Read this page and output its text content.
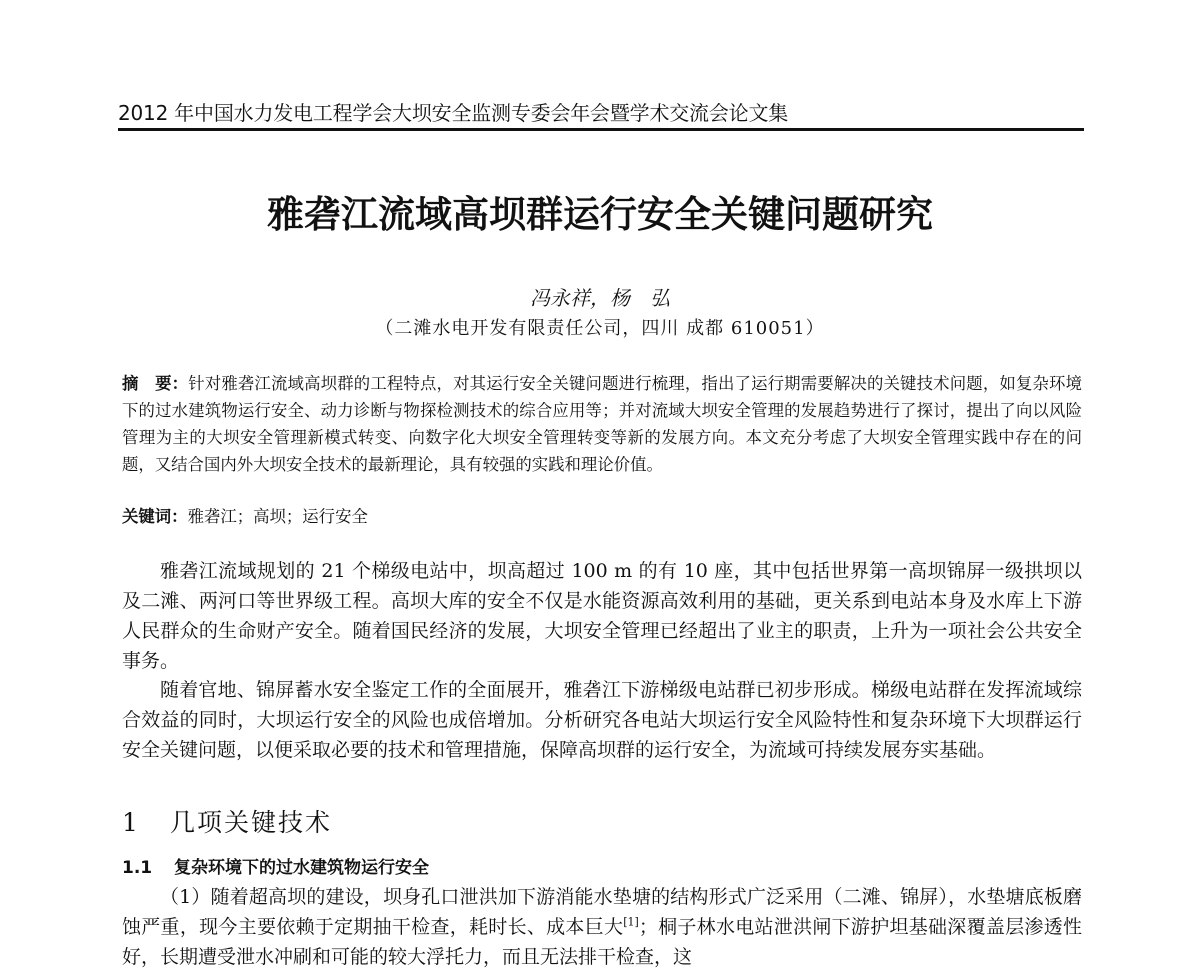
2012 年中国水力发电工程学会大坝安全监测专委会年会暨学术交流会论文集
雅砻江流域高坝群运行安全关键问题研究
冯永祥，杨　弘
（二滩水电开发有限责任公司，四川 成都 610051）
摘　要：针对雅砻江流域高坝群的工程特点，对其运行安全关键问题进行梳理，指出了运行期需要解决的关键技术问题，如复杂环境下的过水建筑物运行安全、动力诊断与物探检测技术的综合应用等；并对流域大坝安全管理的发展趋势进行了探讨，提出了向以风险管理为主的大坝安全管理新模式转变、向数字化大坝安全管理转变等新的发展方向。本文充分考虑了大坝安全管理实践中存在的问题，又结合国内外大坝安全技术的最新理论，具有较强的实践和理论价值。
关键词：雅砻江；高坝；运行安全
雅砻江流域规划的 21 个梯级电站中，坝高超过 100 m 的有 10 座，其中包括世界第一高坝锦屏一级拱坝以及二滩、两河口等世界级工程。高坝大库的安全不仅是水能资源高效利用的基础，更关系到电站本身及水库上下游人民群众的生命财产安全。随着国民经济的发展，大坝安全管理已经超出了业主的职责，上升为一项社会公共安全事务。
随着官地、锦屏蓄水安全鉴定工作的全面展开，雅砻江下游梯级电站群已初步形成。梯级电站群在发挥流域综合效益的同时，大坝运行安全的风险也成倍增加。分析研究各电站大坝运行安全风险特性和复杂环境下大坝群运行安全关键问题，以便采取必要的技术和管理措施，保障高坝群的运行安全，为流域可持续发展夯实基础。
1 几项关键技术
1.1 复杂环境下的过水建筑物运行安全
（1）随着超高坝的建设，坝身孔口泄洪加下游消能水垫塘的结构形式广泛采用（二滩、锦屏），水垫塘底板磨蚀严重，现今主要依赖于定期抽干检查，耗时长、成本巨大[1]；桐子林水电站泄洪闸下游护坦基础深覆盖层渗透性好，长期遭受泄水冲刷和可能的较大浮托力，而且无法排干检查，这
